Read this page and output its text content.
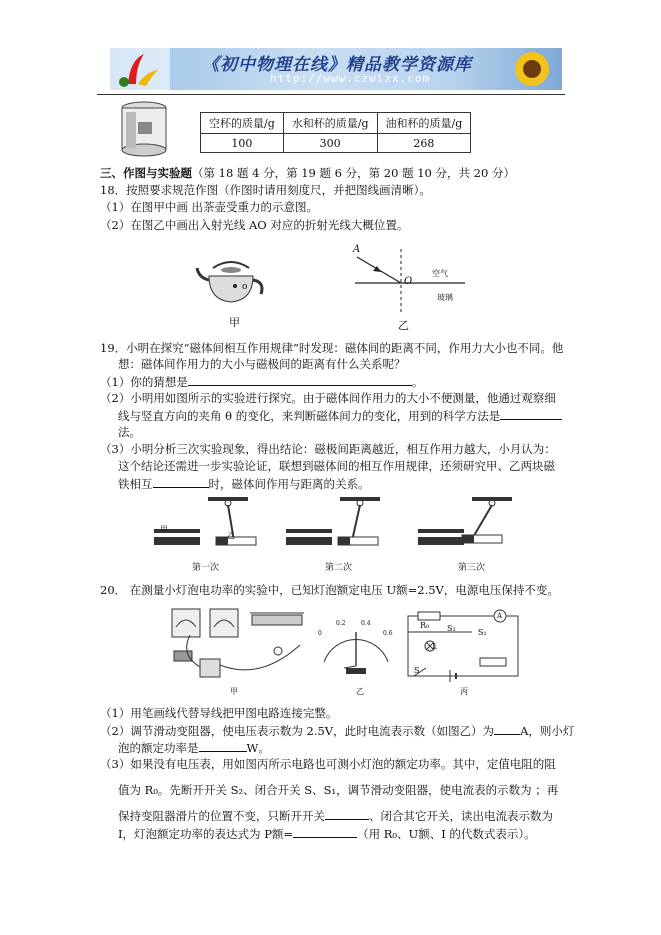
《初中物理在线》精品教学资源库
http://www.czwlzx.com
空杯的质量/g	水和杯的质量/g	油和杯的质量/g
100	300	268
三、作图与实验题（第 18 题 4 分，第 19 题 6 分，第 20 题 10 分，共 20 分）
18．按照要求规范作图（作图时请用刻度尺，并把图线画清晰）。
（1）在图甲中画 出茶壶受重力的示意图。
（2）在图乙中画出入射光线 AO 对应的折射光线大概位置。
o
甲
A
O
空气
玻璃
乙
19．小明在探究“磁体间相互作用规律”时发现：磁体间的距离不同，作用力大小也不同。他
想：磁体间作用力的大小与磁极间的距离有什么关系呢？
（1）你的猜想是	。
（2）小明用如图所示的实验进行探究。由于磁体间作用力的大小不便测量，他通过观察细
线与竖直方向的夹角 θ 的变化，来判断磁体间力的变化，用到的科学方法是
法。
（3）小明分析三次实验现象，得出结论：磁极间距离越近，相互作用力越大，小月认为：
这个结论还需进一步实验论证，联想到磁体间的相互作用规律，还须研究甲、乙两块磁
铁相互	时，磁体间作用与距离的关系。
甲
乙
第一次	第二次	第三次
20． 在测量小灯泡电功率的实验中，已知灯泡额定电压 U额=2.5V，电源电压保持不变。
甲
0
0.2	0.4
0.6
乙
R₀ S₂	S₁
A
S
L
丙
（1）用笔画线代替导线把甲图电路连接完整。
（2）调节滑动变阻器，使电压表示数为 2.5V，此时电流表示数（如图乙）为 A，则小灯
泡的额定功率是	W。
（3）如果没有电压表，用如图丙所示电路也可测小灯泡的额定功率。其中，定值电阻的阻
值为 R₀。先断开开关 S₂、闭合开关 S、S₁，调节滑动变阻器，使电流表的示数为 ；再
保持变阻器滑片的位置不变，只断开开关	、闭合其它开关，读出电流表示数为
I，灯泡额定功率的表达式为 P额=	（用 R₀、U额、I 的代数式表示）。
